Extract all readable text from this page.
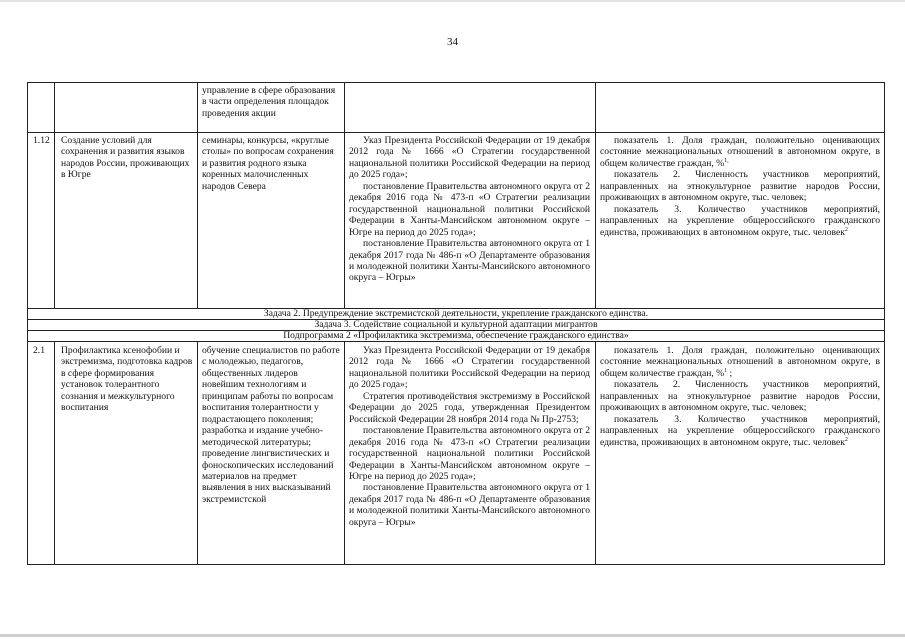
34

управление в сфере образования в части определения площадок проведения акции

1.12 Создание условий для сохранения и развития языков народов России, проживающих в Югре

семинары, конкурсы, «круглые столы» по вопросам сохранения и развития родного языка коренных малочисленных народов Севера

Указ Президента Российской Федерации от 19 декабря 2012 года № 1666 «О Стратегии государственной национальной политики Российской Федерации на период до 2025 года»;

постановление Правительства автономного округа от 2 декабря 2016 года № 473-п «О Стратегии реализации государственной национальной политики Российской Федерации в Ханты-Мансийском автономном округе – Югре на период до 2025 года»;

постановление Правительства автономного округа от 1 декабря 2017 года № 486-п «О Департаменте образования и молодежной политики Ханты-Мансийского автономного округа – Югры»

показатель 1. Доля граждан, положительно оценивающих состояние межнациональных отношений в автономном округе, в общем количестве граждан, %$^{1,}$

показатель 2. Численность участников мероприятий, направленных на этнокультурное развитие народов России, проживающих в автономном округе, тыс. человек;

показатель 3. Количество участников мероприятий, направленных на укрепление общероссийского гражданского единства, проживающих в автономном округе, тыс. человек$^2$

Задача 2. Предупреждение экстремистской деятельности, укрепление гражданского единства.
Задача 3. Содействие социальной и культурной адаптации мигрантов
Подпрограмма 2 «Профилактика экстремизма, обеспечение гражданского единства»
2.1 Профилактика ксенофобии и экстремизма, подготовка кадров в сфере формирования установок толерантного сознания и межкультурного воспитания

обучение специалистов по работе с молодежью, педагогов, общественных лидеров новейшим технологиям и принципам работы по вопросам воспитания толерантности у подрастающего поколения;

разработка и издание учебно-методической литературы;

проведение лингвистических и фоноскопических исследований материалов на предмет выявления в них высказываний экстремистской

Указ Президента Российской Федерации от 19 декабря 2012 года № 1666 «О Стратегии государственной национальной политики Российской Федерации на период до 2025 года»;

Стратегия противодействия экстремизму в Российской Федерации до 2025 года, утвержденная Президентом Российской Федерации 28 ноября 2014 года № Пр-2753;

постановление Правительства автономного округа от 2 декабря 2016 года № 473-п «О Стратегии реализации государственной национальной политики Российской Федерации в Ханты-Мансийском автономном округе – Югре на период до 2025 года»;

постановление Правительства автономного округа от 1 декабря 2017 года № 486-п «О Департаменте образования и молодежной политики Ханты-Мансийского автономного округа – Югры»

показатель 1. Доля граждан, положительно оценивающих состояние межнациональных отношений в автономном округе, в общем количестве граждан, %$^1$ ;

показатель 2. Численность участников мероприятий, направленных на этнокультурное развитие народов России, проживающих в автономном округе, тыс. человек;

показатель 3. Количество участников мероприятий, направленных на укрепление общероссийского гражданского единства, проживающих в автономном округе, тыс. человек$^2$
